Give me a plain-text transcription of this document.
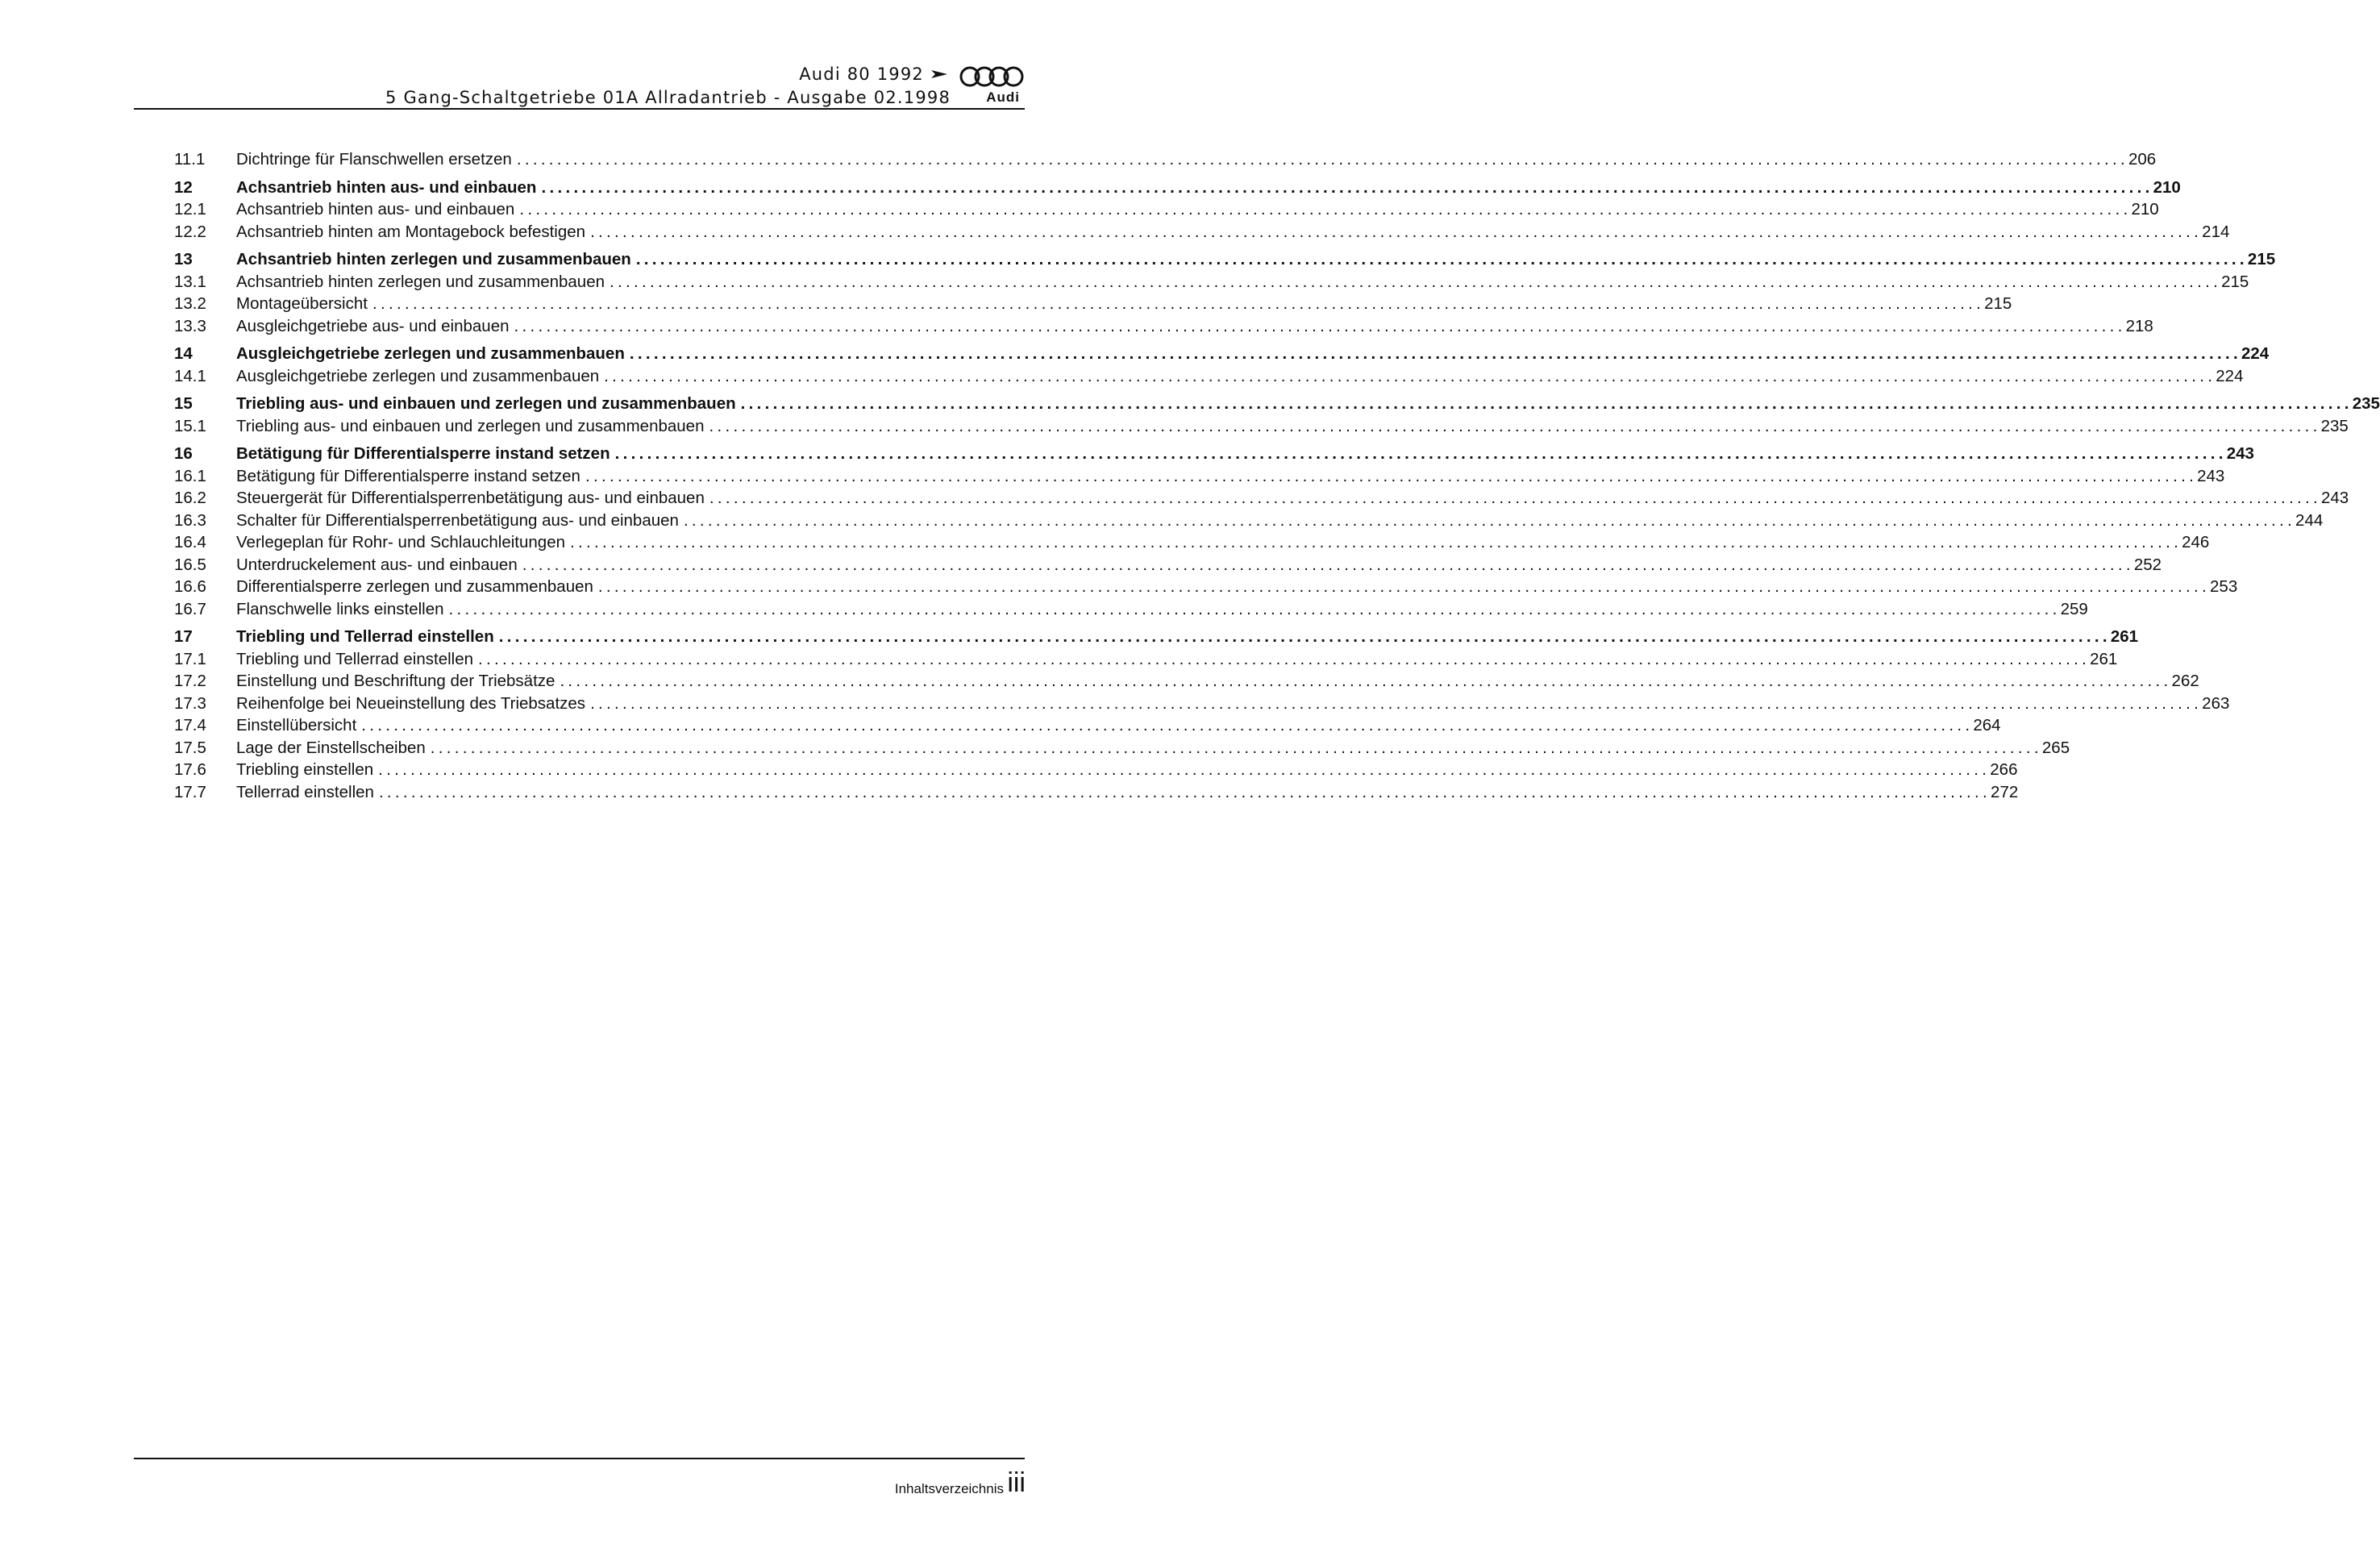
Audi 80 1992
5 Gang-Schaltgetriebe 01A Allradantrieb - Ausgabe 02.1998	Audi
11.1 Dichtringe für Flanschwellen ersetzen ........................................................................................................................................................................................................ 206
12	Achsantrieb hinten aus- und einbauen ........................................................................................................................................................................................................ 210
12.1 Achsantrieb hinten aus- und einbauen ........................................................................................................................................................................................................ 210
12.2 Achsantrieb hinten am Montagebock befestigen ........................................................................................................................................................................................................ 214
13	Achsantrieb hinten zerlegen und zusammenbauen ........................................................................................................................................................................................................ 215
13.1 Achsantrieb hinten zerlegen und zusammenbauen ........................................................................................................................................................................................................ 215
13.2 Montageübersicht ........................................................................................................................................................................................................ 215
13.3 Ausgleichgetriebe aus- und einbauen ........................................................................................................................................................................................................ 218
14	Ausgleichgetriebe zerlegen und zusammenbauen ........................................................................................................................................................................................................ 224
14.1 Ausgleichgetriebe zerlegen und zusammenbauen ........................................................................................................................................................................................................ 224
15	Triebling aus- und einbauen und zerlegen und zusammenbauen ........................................................................................................................................................................................................ 235
15.1 Triebling aus- und einbauen und zerlegen und zusammenbauen ........................................................................................................................................................................................................ 235
16	Betätigung für Differentialsperre instand setzen ........................................................................................................................................................................................................ 243
16.1 Betätigung für Differentialsperre instand setzen ........................................................................................................................................................................................................ 243
16.2 Steuergerät für Differentialsperrenbetätigung aus- und einbauen ........................................................................................................................................................................................................ 243
16.3 Schalter für Differentialsperrenbetätigung aus- und einbauen ........................................................................................................................................................................................................ 244
16.4 Verlegeplan für Rohr- und Schlauchleitungen ........................................................................................................................................................................................................ 246
16.5 Unterdruckelement aus- und einbauen ........................................................................................................................................................................................................ 252
16.6 Differentialsperre zerlegen und zusammenbauen ........................................................................................................................................................................................................ 253
16.7 Flanschwelle links einstellen ........................................................................................................................................................................................................ 259
17	Triebling und Tellerrad einstellen ........................................................................................................................................................................................................ 261
17.1 Triebling und Tellerrad einstellen ........................................................................................................................................................................................................ 261
17.2 Einstellung und Beschriftung der Triebsätze ........................................................................................................................................................................................................ 262
17.3 Reihenfolge bei Neueinstellung des Triebsatzes ........................................................................................................................................................................................................ 263
17.4 Einstellübersicht ........................................................................................................................................................................................................ 264
17.5 Lage der Einstellscheiben ........................................................................................................................................................................................................ 265
17.6 Triebling einstellen ........................................................................................................................................................................................................ 266
17.7 Tellerrad einstellen ........................................................................................................................................................................................................ 272
Inhaltsverzeichnis iii
